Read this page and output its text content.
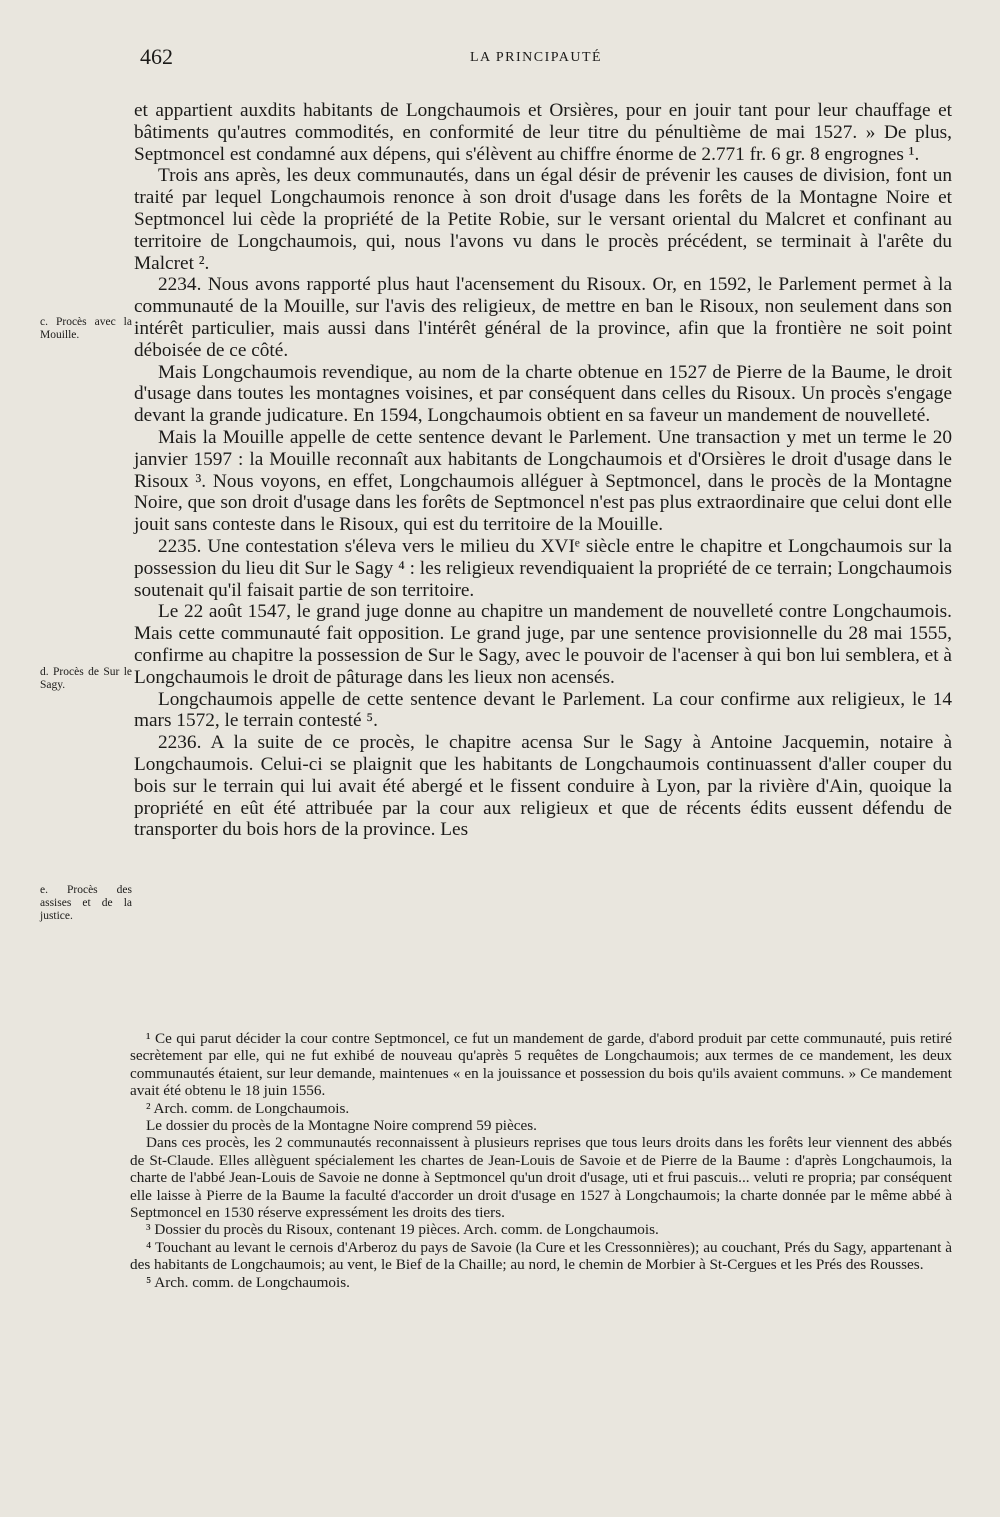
462	LA PRINCIPAUTÉ
c. Procès avec la Mouille.
d. Procès de Sur le Sagy.
e. Procès des assises et de la justice.

et appartient auxdits habitants de Longchaumois et Orsières, pour en jouir tant pour leur chauffage et bâtiments qu'autres commodités, en conformité de leur titre du pénultième de mai 1527. » De plus, Septmoncel est condamné aux dépens, qui s'élèvent au chiffre énorme de 2.771 fr. 6 gr. 8 engrognes ¹.

Trois ans après, les deux communautés, dans un égal désir de prévenir les causes de division, font un traité par lequel Longchaumois renonce à son droit d'usage dans les forêts de la Montagne Noire et Septmoncel lui cède la propriété de la Petite Robie, sur le versant oriental du Malcret et confinant au territoire de Longchaumois, qui, nous l'avons vu dans le procès précédent, se terminait à l'arête du Malcret ².

2234. Nous avons rapporté plus haut l'acensement du Risoux. Or, en 1592, le Parlement permet à la communauté de la Mouille, sur l'avis des religieux, de mettre en ban le Risoux, non seulement dans son intérêt particulier, mais aussi dans l'intérêt général de la province, afin que la frontière ne soit point déboisée de ce côté.

Mais Longchaumois revendique, au nom de la charte obtenue en 1527 de Pierre de la Baume, le droit d'usage dans toutes les montagnes voisines, et par conséquent dans celles du Risoux. Un procès s'engage devant la grande judicature. En 1594, Longchaumois obtient en sa faveur un mandement de nouvelleté.

Mais la Mouille appelle de cette sentence devant le Parlement. Une transaction y met un terme le 20 janvier 1597 : la Mouille reconnaît aux habitants de Longchaumois et d'Orsières le droit d'usage dans le Risoux ³. Nous voyons, en effet, Longchaumois alléguer à Septmoncel, dans le procès de la Montagne Noire, que son droit d'usage dans les forêts de Septmoncel n'est pas plus extraordinaire que celui dont elle jouit sans conteste dans le Risoux, qui est du territoire de la Mouille.

2235. Une contestation s'éleva vers le milieu du XVIᵉ siècle entre le chapitre et Longchaumois sur la possession du lieu dit Sur le Sagy ⁴ : les religieux revendiquaient la propriété de ce terrain; Longchaumois soutenait qu'il faisait partie de son territoire.

Le 22 août 1547, le grand juge donne au chapitre un mandement de nouvelleté contre Longchaumois. Mais cette communauté fait opposition. Le grand juge, par une sentence provisionnelle du 28 mai 1555, confirme au chapitre la possession de Sur le Sagy, avec le pouvoir de l'acenser à qui bon lui semblera, et à Longchaumois le droit de pâturage dans les lieux non acensés.

Longchaumois appelle de cette sentence devant le Parlement. La cour confirme aux religieux, le 14 mars 1572, le terrain contesté ⁵.

2236. A la suite de ce procès, le chapitre acensa Sur le Sagy à Antoine Jacquemin, notaire à Longchaumois. Celui-ci se plaignit que les habitants de Longchaumois continuassent d'aller couper du bois sur le terrain qui lui avait été abergé et le fissent conduire à Lyon, par la rivière d'Ain, quoique la propriété en eût été attribuée par la cour aux religieux et que de récents édits eussent défendu de transporter du bois hors de la province. Les

¹ Ce qui parut décider la cour contre Septmoncel, ce fut un mandement de garde, d'abord produit par cette communauté, puis retiré secrètement par elle, qui ne fut exhibé de nouveau qu'après 5 requêtes de Longchaumois; aux termes de ce mandement, les deux communautés étaient, sur leur demande, maintenues « en la jouissance et possession du bois qu'ils avaient communs. » Ce mandement avait été obtenu le 18 juin 1556.

² Arch. comm. de Longchaumois.

Le dossier du procès de la Montagne Noire comprend 59 pièces.

Dans ces procès, les 2 communautés reconnaissent à plusieurs reprises que tous leurs droits dans les forêts leur viennent des abbés de St-Claude. Elles allèguent spécialement les chartes de Jean-Louis de Savoie et de Pierre de la Baume : d'après Longchaumois, la charte de l'abbé Jean-Louis de Savoie ne donne à Septmoncel qu'un droit d'usage, uti et frui pascuis... veluti re propria; par conséquent elle laisse à Pierre de la Baume la faculté d'accorder un droit d'usage en 1527 à Longchaumois; la charte donnée par le même abbé à Septmoncel en 1530 réserve expressément les droits des tiers.

³ Dossier du procès du Risoux, contenant 19 pièces. Arch. comm. de Longchaumois.

⁴ Touchant au levant le cernois d'Arberoz du pays de Savoie (la Cure et les Cressonnières); au couchant, Prés du Sagy, appartenant à des habitants de Longchaumois; au vent, le Bief de la Chaille; au nord, le chemin de Morbier à St-Cergues et les Prés des Rousses.

⁵ Arch. comm. de Longchaumois.
